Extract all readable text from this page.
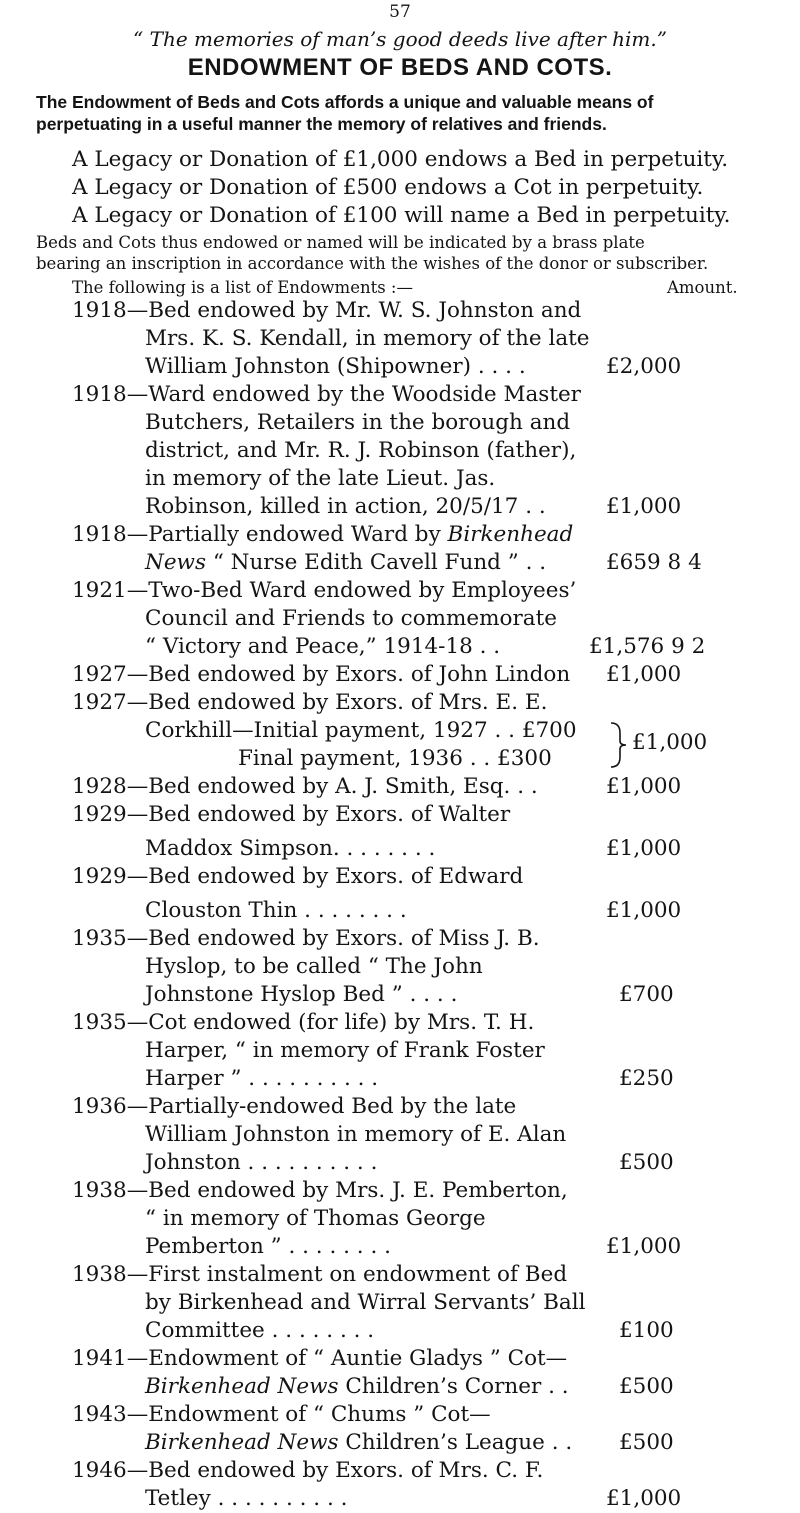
57
“ The memories of man’s good deeds live after him.”
ENDOWMENT OF BEDS AND COTS.
The Endowment of Beds and Cots affords a unique and valuable means of
perpetuating in a useful manner the memory of relatives and friends.
A Legacy or Donation of £1,000 endows a Bed in perpetuity.
A Legacy or Donation of £500 endows a Cot in perpetuity.
A Legacy or Donation of £100 will name a Bed in perpetuity.
Beds and Cots thus endowed or named will be indicated by a brass plate
bearing an inscription in accordance with the wishes of the donor or subscriber.
The following is a list of Endowments :—	Amount.
1918—Bed endowed by Mr. W. S. Johnston and
Mrs. K. S. Kendall, in memory of the late
William Johnston (Shipowner) . . . .	£2,000
1918—Ward endowed by the Woodside Master
Butchers, Retailers in the borough and
district, and Mr. R. J. Robinson (father),
in memory of the late Lieut. Jas.
Robinson, killed in action, 20/5/17 . .	£1,000
1918—Partially endowed Ward by Birkenhead
News “ Nurse Edith Cavell Fund ” . .	£659 8 4
1921—Two-Bed Ward endowed by Employees’
Council and Friends to commemorate
“ Victory and Peace,” 1914-18 . .	£1,576 9 2
1927—Bed endowed by Exors. of John Lindon £1,000
1927—Bed endowed by Exors. of Mrs. E. E.
Corkhill—Initial payment, 1927 . . £700
Final payment, 1936 . . £300
£1,000
1928—Bed endowed by A. J. Smith, Esq. . .	£1,000
1929—Bed endowed by Exors. of Walter
Maddox Simpson. . . . . . . .	£1,000
1929—Bed endowed by Exors. of Edward
Clouston Thin . . . . . . . .	£1,000
1935—Bed endowed by Exors. of Miss J. B.
Hyslop, to be called “ The John
Johnstone Hyslop Bed ” . . . .	£700
1935—Cot endowed (for life) by Mrs. T. H.
Harper, “ in memory of Frank Foster
Harper ” . . . . . . . . . .	£250
1936—Partially-endowed Bed by the late
William Johnston in memory of E. Alan
Johnston . . . . . . . . . .	£500
1938—Bed endowed by Mrs. J. E. Pemberton,
“ in memory of Thomas George
Pemberton ” . . . . . . . .	£1,000
1938—First instalment on endowment of Bed
by Birkenhead and Wirral Servants’ Ball
Committee . . . . . . . .	£100
1941—Endowment of “ Auntie Gladys ” Cot—
Birkenhead News Children’s Corner . . £500
1943—Endowment of “ Chums ” Cot—
Birkenhead News Children’s League . . £500
1946—Bed endowed by Exors. of Mrs. C. F.
Tetley . . . . . . . . . .	£1,000
